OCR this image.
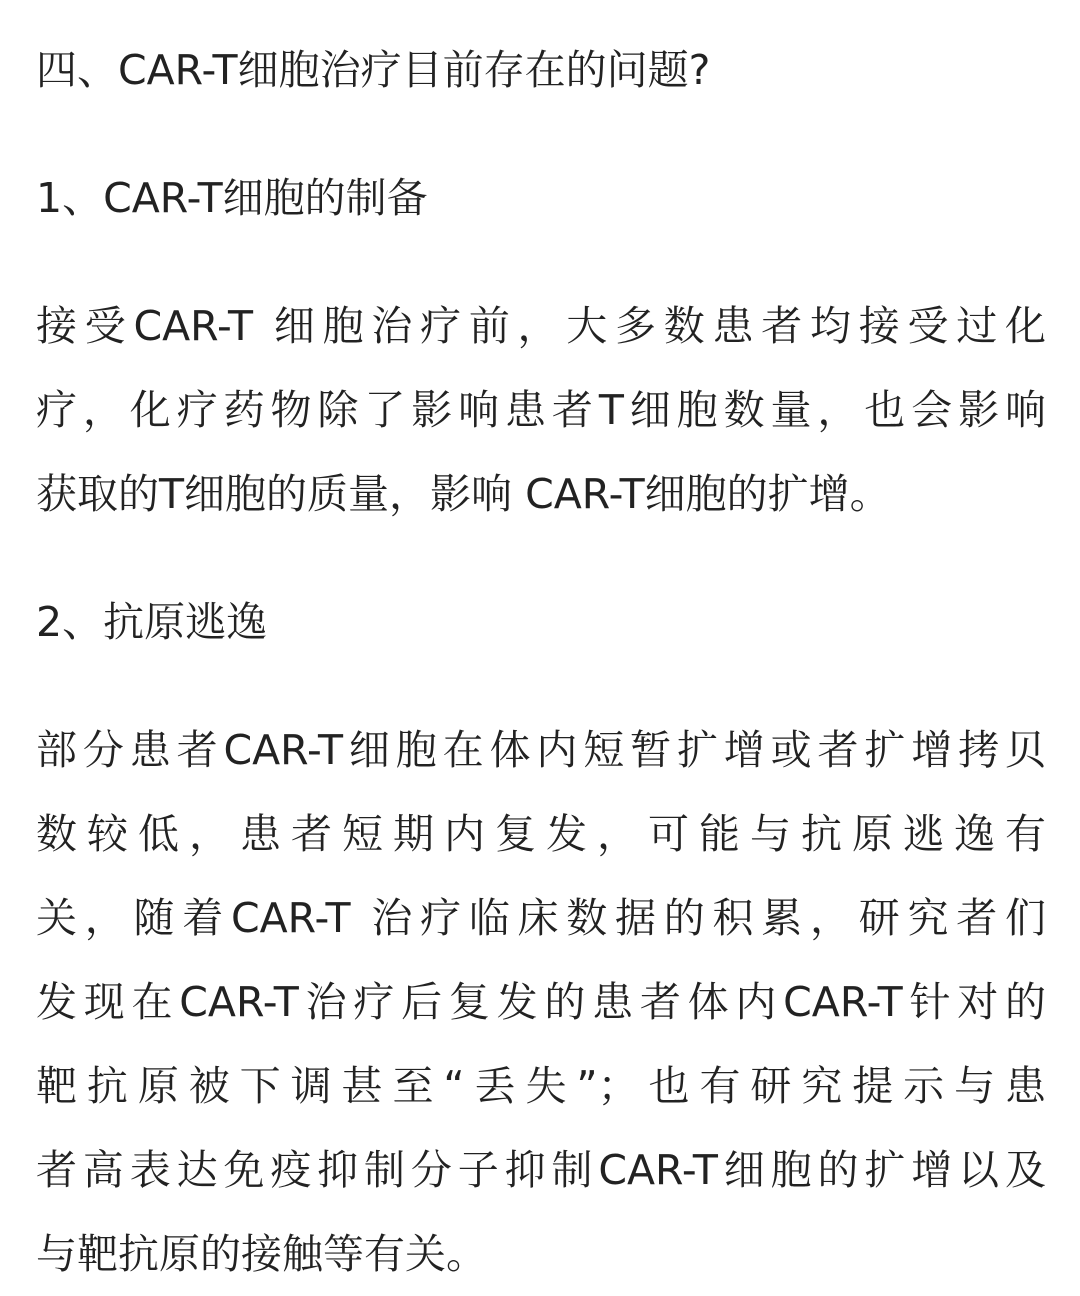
四、CAR-T细胞治疗目前存在的问题?
1、CAR-T细胞的制备

接受CAR-T 细胞治疗前，大多数患者均接受过化
疗，化疗药物除了影响患者T细胞数量，也会影响
获取的T细胞的质量，影响 CAR-T细胞的扩增。

2、抗原逃逸

部分患者CAR-T细胞在体内短暂扩增或者扩增拷贝
数较低，患者短期内复发，可能与抗原逃逸有
关，随着CAR-T 治疗临床数据的积累，研究者们
发现在CAR-T治疗后复发的患者体内CAR-T针对的
靶抗原被下调甚至“丢失”；也有研究提示与患
者高表达免疫抑制分子抑制CAR-T细胞的扩增以及
与靶抗原的接触等有关。
